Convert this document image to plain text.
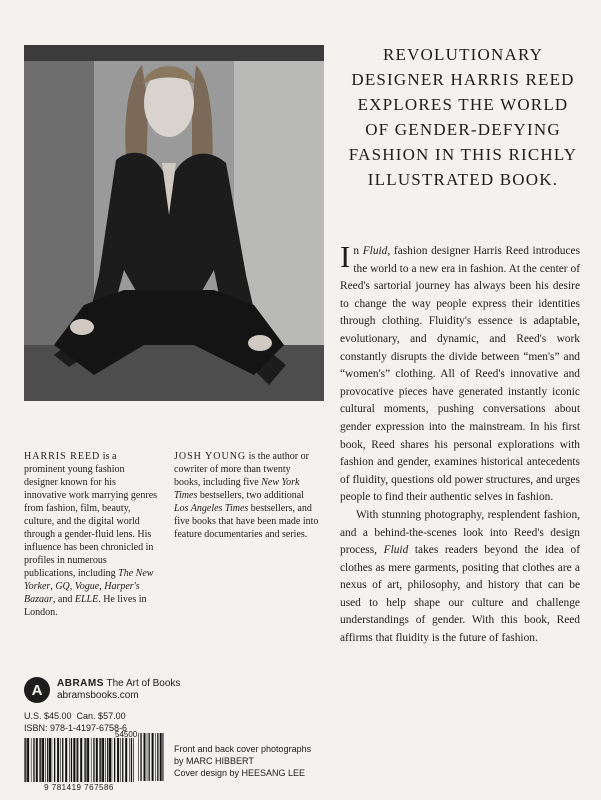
REVOLUTIONARY DESIGNER HARRIS REED EXPLORES THE WORLD OF GENDER-DEFYING FASHION IN THIS RICHLY ILLUSTRATED BOOK.

In Fluid, fashion designer Harris Reed introduces the world to a new era in fashion. At the center of Reed's sartorial journey has always been his desire to change the way people express their identities through clothing. Fluidity's essence is adaptable, evolutionary, and dynamic, and Reed's work constantly disrupts the divide between “men's” and “women's” clothing. All of Reed's innovative and provocative pieces have generated instantly iconic cultural moments, pushing conversations about gender expression into the mainstream. In his first book, Reed shares his personal explorations with fashion and gender, examines historical antecedents of fluidity, questions old power structures, and urges people to find their authentic selves in fashion.

With stunning photography, resplendent fashion, and a behind-the-scenes look into Reed's design process, Fluid takes readers beyond the idea of clothes as mere garments, positing that clothes are a nexus of art, philosophy, and history that can be used to help shape our culture and challenge understandings of gender. With this book, Reed affirms that fluidity is the future of fashion.

HARRIS REED is a prominent young fashion designer known for his innovative work marrying genres from fashion, film, beauty, culture, and the digital world through a gender-fluid lens. His influence has been chronicled in profiles in numerous publications, including The New Yorker, GQ, Vogue, Harper's Bazaar, and ELLE. He lives in London.
JOSH YOUNG is the author or cowriter of more than twenty books, including five New York Times bestsellers, two additional Los Angeles Times bestsellers, and five books that have been made into feature documentaries and series.
A	ABRAMS The Art of Books
abramsbooks.com
U.S. $45.00 Can. $57.00
ISBN: 978-1-4197-6758-6
54500
9 781419 767586
Front and back cover photographs
by MARC HIBBERT
Cover design by HEESANG LEE
